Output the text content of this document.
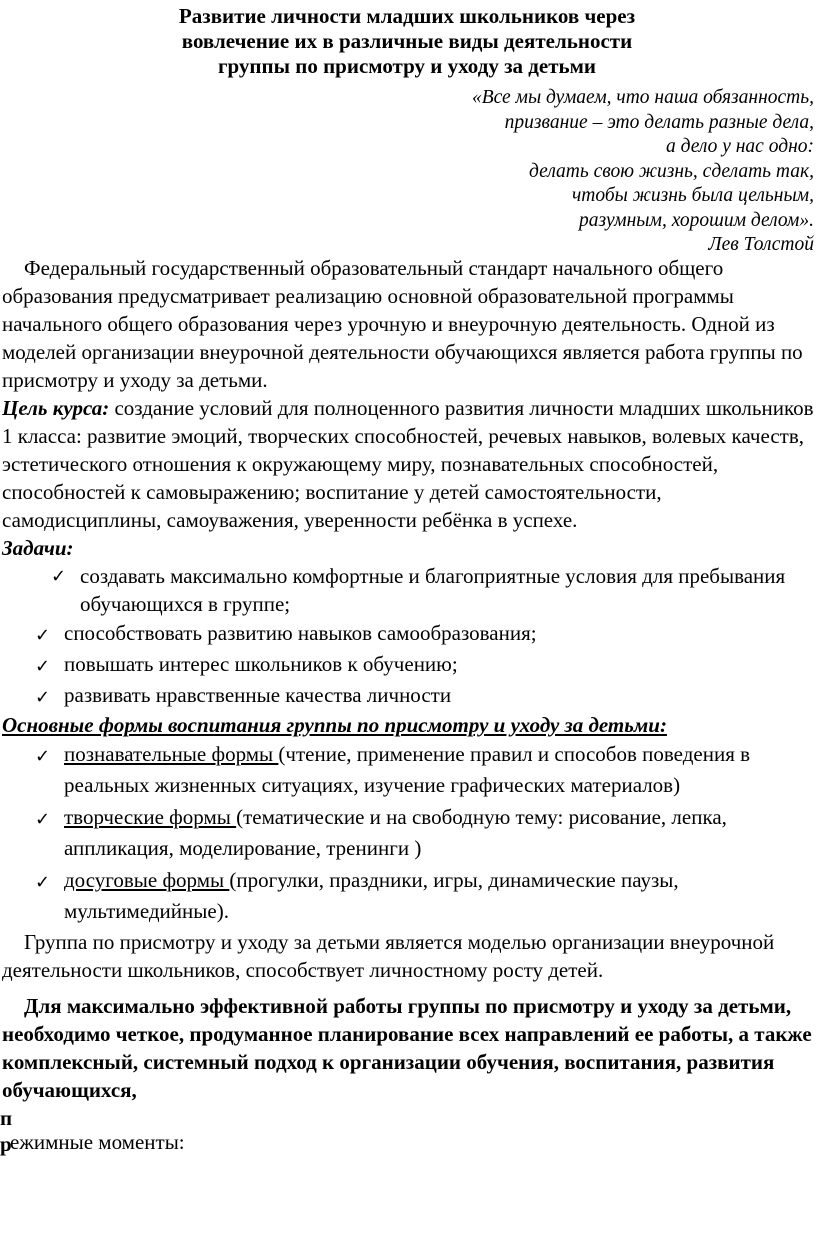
Развитие личности младших школьников через
вовлечение их в различные виды деятельности
группы по присмотру и уходу за детьми
«Все мы думаем, что наша обязанность,
призвание – это делать разные дела,
а дело у нас одно:
делать свою жизнь, сделать так,
чтобы жизнь была цельным,
разумным, хорошим делом».
Лев Толстой

Федеральный государственный образовательный стандарт начального общего образования предусматривает реализацию основной образовательной программы начального общего образования через урочную и внеурочную деятельность. Одной из моделей организации внеурочной деятельности обучающихся является работа группы по присмотру и уходу за детьми.

Цель курса: создание условий для полноценного развития личности младших школьников 1 класса: развитие эмоций, творческих способностей, речевых навыков, волевых качеств, эстетического отношения к окружающему миру, познавательных способностей, способностей к самовыражению; воспитание у детей самостоятельности, самодисциплины, самоуважения, уверенности ребёнка в успехе.

Задачи:

✓ создавать максимально комфортные и благоприятные условия для пребывания обучающихся в группе;
✓ способствовать развитию навыков самообразования;
✓ повышать интерес школьников к обучению;
✓ развивать нравственные качества личности

Основные формы воспитания группы по присмотру и уходу за детьми:

✓ познавательные формы (чтение, применение правил и способов поведения в реальных жизненных ситуациях, изучение графических материалов)
✓ творческие формы (тематические и на свободную тему: рисование, лепка, аппликация, моделирование, тренинги )
✓ досуговые формы (прогулки, праздники, игры, динамические паузы, мультимедийные).

Группа по присмотру и уходу за детьми является моделью организации внеурочной деятельности школьников, способствует личностному росту детей.

Для максимально эффективной работы группы по присмотру и уходу за детьми, необходимо четкое, продуманное планирование всех направлений ее работы, а также комплексный, системный подход к организации обучения, воспитания, развития обучающихся,

п
р
ежимные моменты:
